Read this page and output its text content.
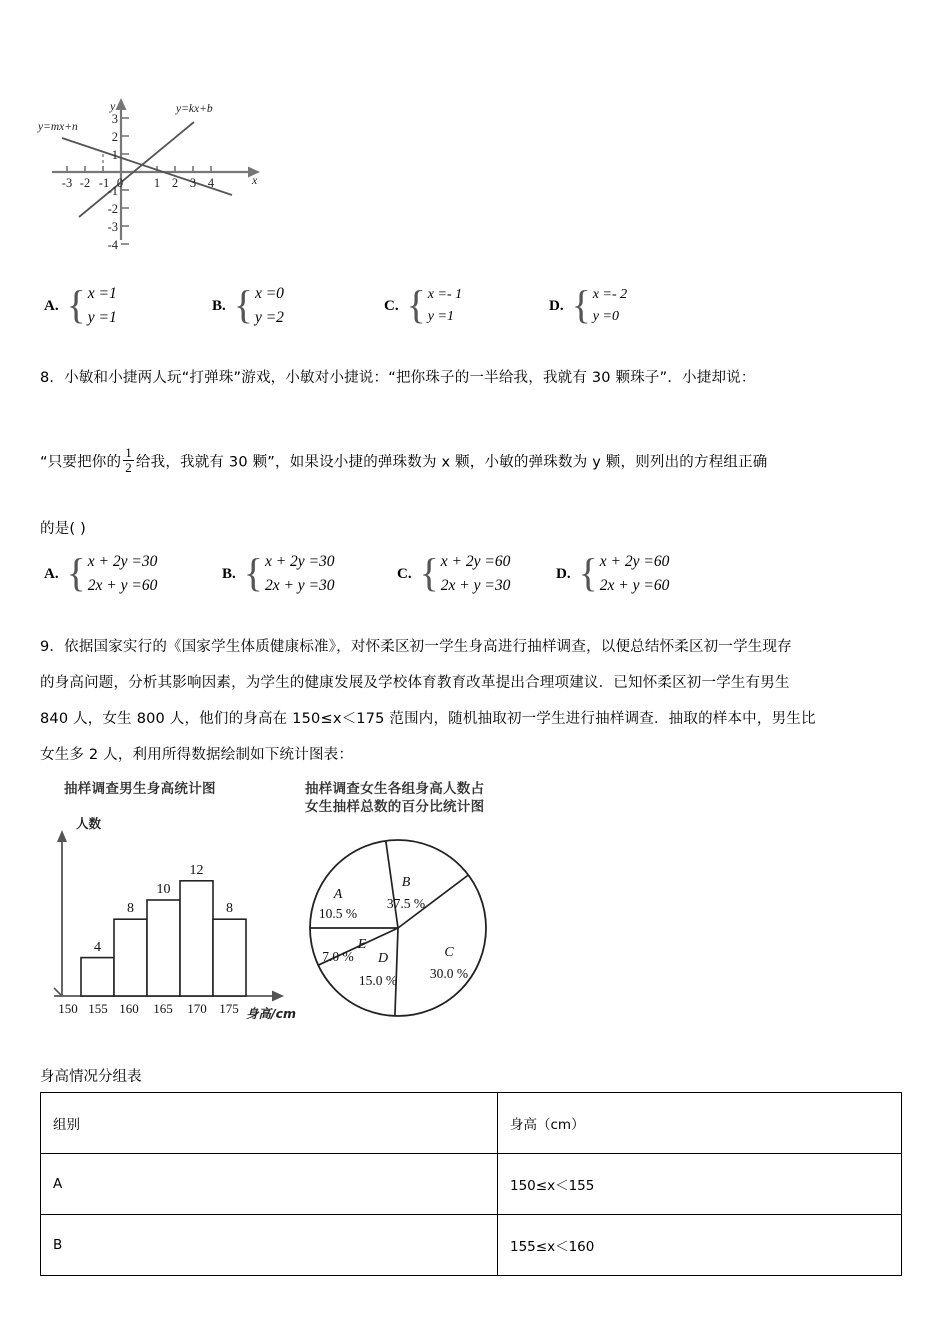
y
x
y=kx+b
y=mx+n
-3 -2 -1 0 1 2 3 4
3
2
1
-1
-2
-3
-4
A. { x =1
y =1
B. { x =0
y =2
C. { x =- 1
y =1
D. { x =- 2
y =0
8．小敏和小捷两人玩“打弹珠”游戏，小敏对小捷说：“把你珠子的一半给我，我就有 30 颗珠子”．小捷却说：
“只要把你的 $\frac{1}{2}$ 给我，我就有 30 颗”，如果设小捷的弹珠数为 x 颗，小敏的弹珠数为 y 颗，则列出的方程组正确
的是( )
A. { x + 2y =30
2x + y =60
B. { x + 2y =30
2x + y =30
C. { x + 2y =60
2x + y =30
D. { x + 2y =60
2x + y =60
9．依据国家实行的《国家学生体质健康标准》，对怀柔区初一学生身高进行抽样调查，以便总结怀柔区初一学生现存
的身高问题，分析其影响因素，为学生的健康发展及学校体育教育改革提出合理项建议．已知怀柔区初一学生有男生
840 人，女生 800 人，他们的身高在 150≤x＜175 范围内，随机抽取初一学生进行抽样调查．抽取的样本中，男生比
女生多 2 人，利用所得数据绘制如下统计图表：
抽样调查男生身高统计图	抽样调查女生各组身高人数占
女生抽样总数的百分比统计图
4
8
10
12
8
150 155 160 165 170 175
人数
身高/cm
B
37.5 %
A
10.5 %
C
30.0 %
D
15.0 %
E
7.0 %
身高情况分组表
组别	身高（cm）
A	150≤x＜155
B	155≤x＜160
